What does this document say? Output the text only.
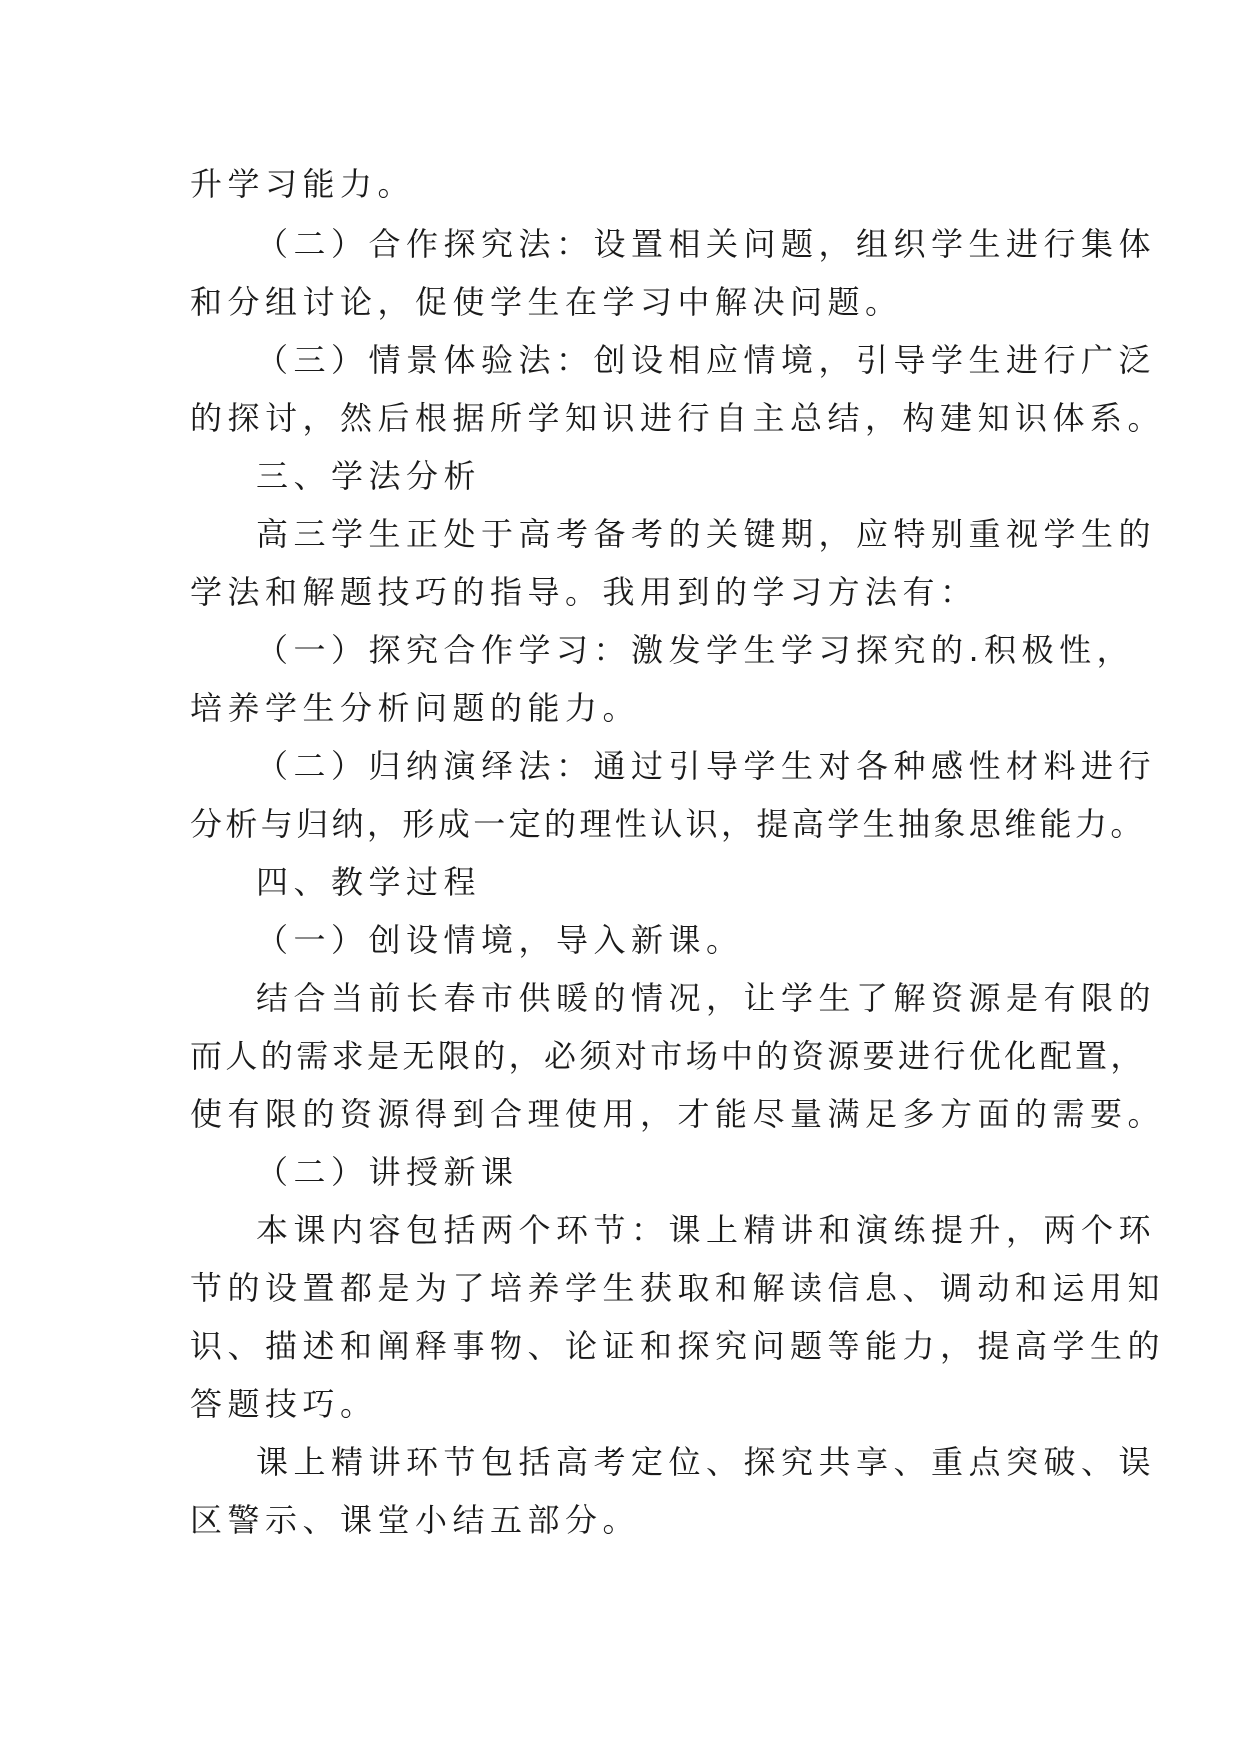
升学习能力。
（二）合作探究法：设置相关问题，组织学生进行集体
和分组讨论，促使学生在学习中解决问题。
（三）情景体验法：创设相应情境，引导学生进行广泛
的探讨，然后根据所学知识进行自主总结，构建知识体系。
三、学法分析
高三学生正处于高考备考的关键期，应特别重视学生的
学法和解题技巧的指导。我用到的学习方法有：
（一）探究合作学习：激发学生学习探究的.积极性，
培养学生分析问题的能力。
（二）归纳演绎法：通过引导学生对各种感性材料进行
分析与归纳，形成一定的理性认识，提高学生抽象思维能力。
四、教学过程
（一）创设情境，导入新课。
结合当前长春市供暖的情况，让学生了解资源是有限的
而人的需求是无限的，必须对市场中的资源要进行优化配置，
使有限的资源得到合理使用，才能尽量满足多方面的需要。
（二）讲授新课
本课内容包括两个环节：课上精讲和演练提升，两个环
节的设置都是为了培养学生获取和解读信息、调动和运用知
识、描述和阐释事物、论证和探究问题等能力，提高学生的
答题技巧。
课上精讲环节包括高考定位、探究共享、重点突破、误
区警示、课堂小结五部分。
